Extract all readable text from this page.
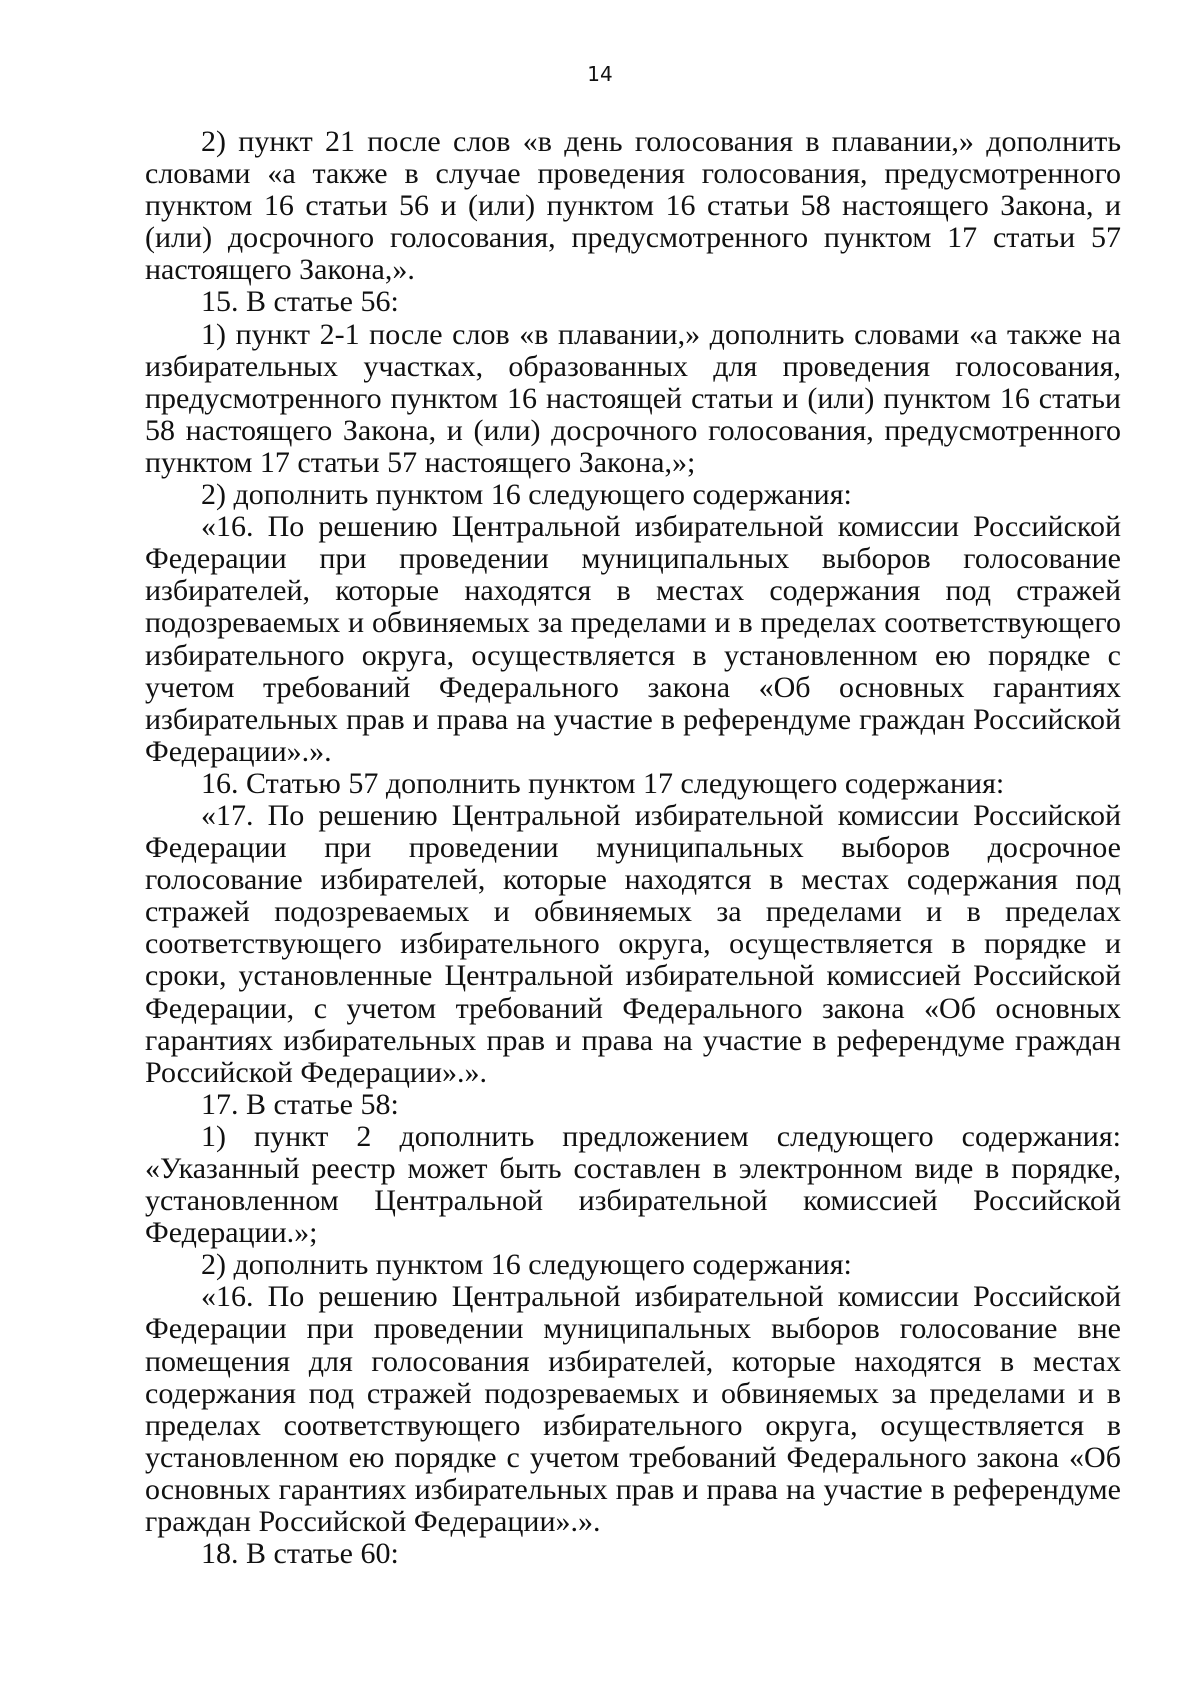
14

2) пункт 21 после слов «в день голосования в плавании,» дополнить словами «а также в случае проведения голосования, предусмотренного пунктом 16 статьи 56 и (или) пунктом 16 статьи 58 настоящего Закона, и (или) досрочного голосования, предусмотренного пунктом 17 статьи 57 настоящего Закона,».

15. В статье 56:

1) пункт 2-1 после слов «в плавании,» дополнить словами «а также на избирательных участках, образованных для проведения голосования, предусмотренного пунктом 16 настоящей статьи и (или) пунктом 16 статьи 58 настоящего Закона, и (или) досрочного голосования, предусмотренного пунктом 17 статьи 57 настоящего Закона,»;

2) дополнить пунктом 16 следующего содержания:

«16. По решению Центральной избирательной комиссии Российской Федерации при проведении муниципальных выборов голосование избирателей, которые находятся в местах содержания под стражей подозреваемых и обвиняемых за пределами и в пределах соответствующего избирательного округа, осуществляется в установленном ею порядке с учетом требований Федерального закона «Об основных гарантиях избирательных прав и права на участие в референдуме граждан Российской Федерации».».

16. Статью 57 дополнить пунктом 17 следующего содержания:

«17. По решению Центральной избирательной комиссии Российской Федерации при проведении муниципальных выборов досрочное голосование избирателей, которые находятся в местах содержания под стражей подозреваемых и обвиняемых за пределами и в пределах соответствующего избирательного округа, осуществляется в порядке и сроки, установленные Центральной избирательной комиссией Российской Федерации, с учетом требований Федерального закона «Об основных гарантиях избирательных прав и права на участие в референдуме граждан Российской Федерации».».

17. В статье 58:

1) пункт 2 дополнить предложением следующего содержания: «Указанный реестр может быть составлен в электронном виде в порядке, установленном Центральной избирательной комиссией Российской Федерации.»;

2) дополнить пунктом 16 следующего содержания:

«16. По решению Центральной избирательной комиссии Российской Федерации при проведении муниципальных выборов голосование вне помещения для голосования избирателей, которые находятся в местах содержания под стражей подозреваемых и обвиняемых за пределами и в пределах соответствующего избирательного округа, осуществляется в установленном ею порядке с учетом требований Федерального закона «Об основных гарантиях избирательных прав и права на участие в референдуме граждан Российской Федерации».».

18. В статье 60:
